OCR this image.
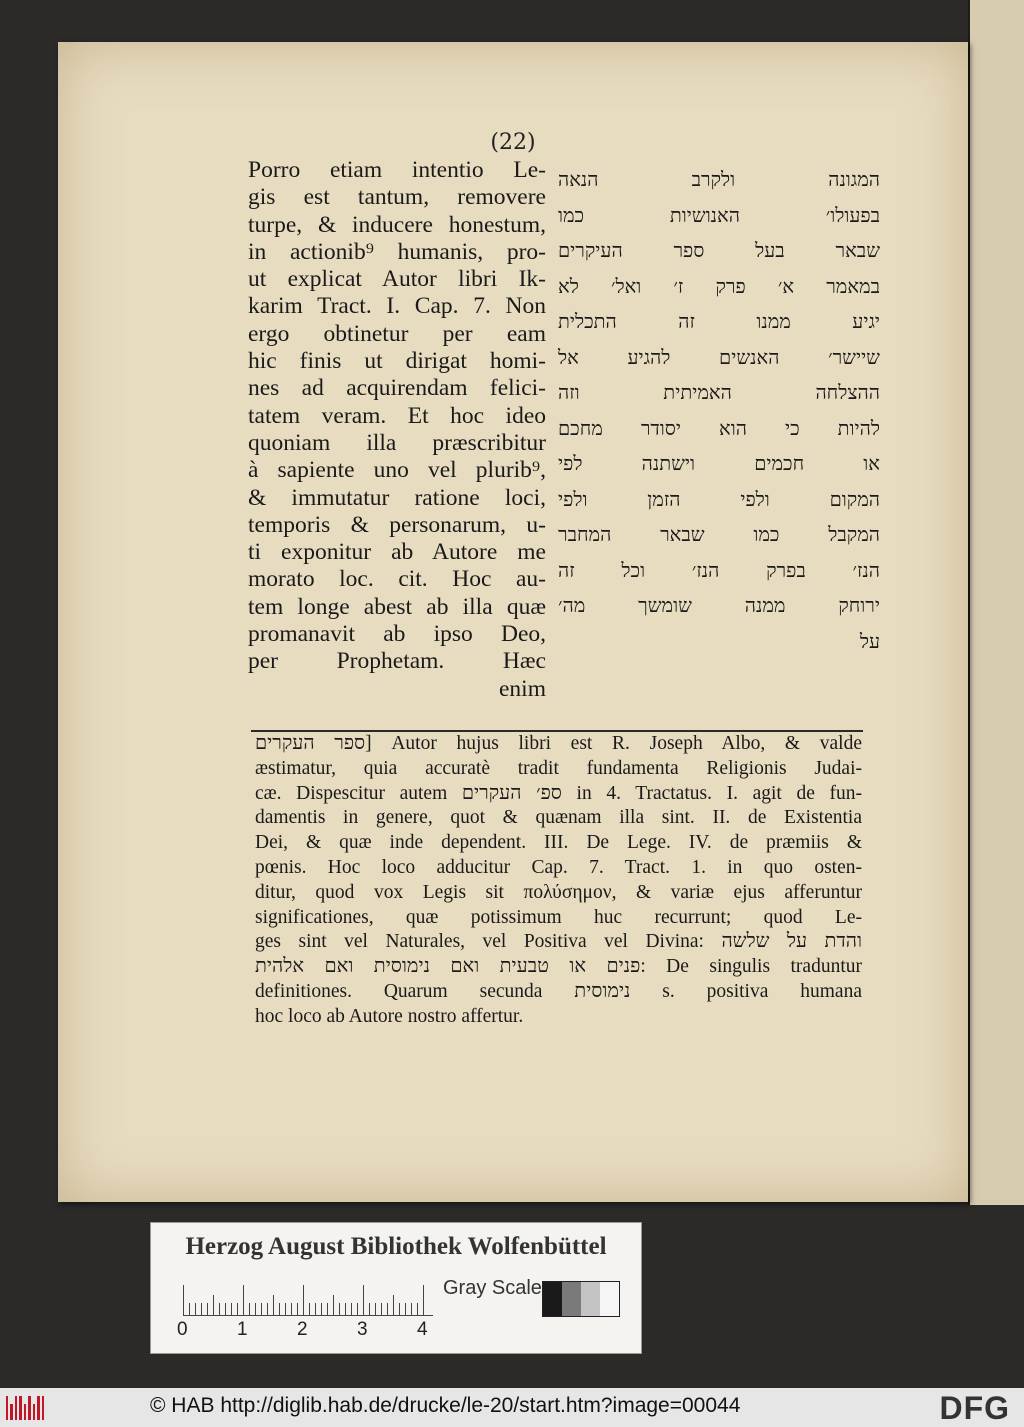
(22)
Porro etiam intentio Le-
gis est tantum, removere
turpe, & inducere honestum,
in actionib⁹ humanis, pro-
ut explicat Autor libri Ik-
karim Tract. I. Cap. 7. Non
ergo obtinetur per eam
hic finis ut dirigat homi-
nes ad acquirendam felici-
tatem veram. Et hoc ideo
quoniam illa præscribitur
à sapiente uno vel plurib⁹,
& immutatur ratione loci,
temporis & personarum, u-
ti exponitur ab Autore me
morato loc. cit. Hoc au-
tem longe abest ab illa quæ
promanavit ab ipso Deo,
per Prophetam. Hæc
enim
המגונה ולקרב הנאה
בפעולו׳ האנושיות כמו
שבאר בעל ספר העיקרים
במאמר א׳ פרק ז׳ ואל׳ לא
יגיע ממנו זה התכלית
שיישר׳ האנשים להגיע אל
ההצלחה האמיתית וזה
להיות כי הוא יסודר מחכם
או חכמים וישתנה לפי
המקום ולפי הזמן ולפי
המקבל כמו שבאר המחבר
הנז׳ בפרק הנז׳ וכל זה
ירוחק ממנה שומשך מה׳
על
ספר העקרים] Autor hujus libri est R. Joseph Albo, & valde
æstimatur, quia accuratè tradit fundamenta Religionis Judai-
cæ. Dispescitur autem ספ׳ העקרים in 4. Tractatus. I. agit de fun-
damentis in genere, quot & quænam illa sint. II. de Existentia
Dei, & quæ inde dependent. III. De Lege. IV. de præmiis &
pœnis. Hoc loco adducitur Cap. 7. Tract. 1. in quo osten-
ditur, quod vox Legis sit πολύσημον, & variæ ejus afferuntur
significationes, quæ potissimum huc recurrunt; quod Le-
ges sint vel Naturales, vel Positiva vel Divina: והדת על שלשה
פנים או טבעית ואם נימוסית ואם אלהית: De singulis traduntur
definitiones. Quarum secunda נימוסית s. positiva humana
hoc loco ab Autore nostro affertur.
Herzog August Bibliothek Wolfenbüttel
0	1	2	3	4
Gray Scale
© HAB http://diglib.hab.de/drucke/le-20/start.htm?image=00044	DFG
